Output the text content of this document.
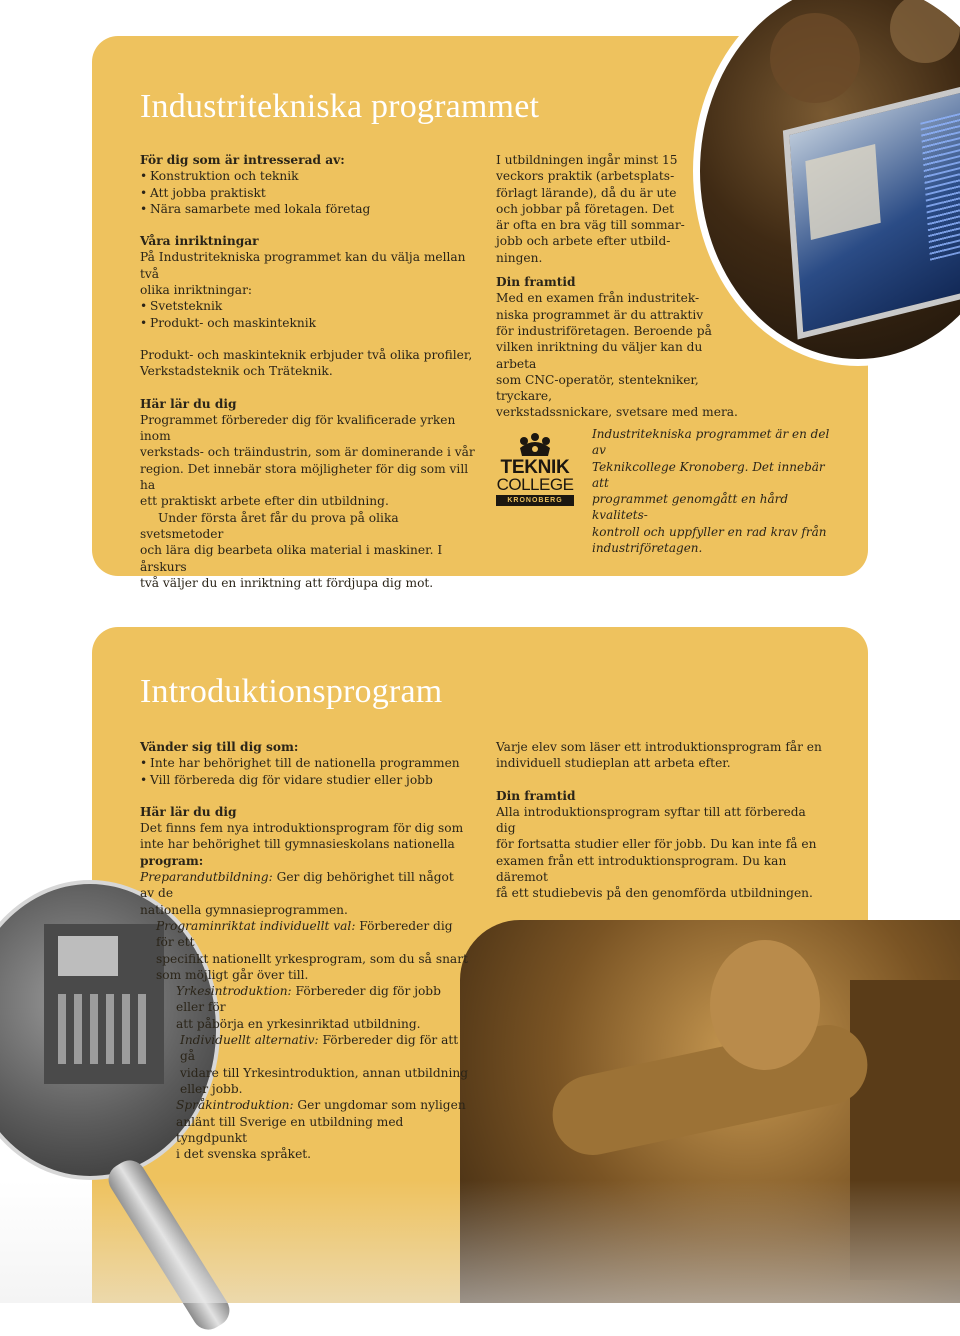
Industritekniska programmet

För dig som är intresserad av:

• Konstruktion och teknik
• Att jobba praktiskt
• Nära samarbete med lokala företag

Våra inriktningar

På Industritekniska programmet kan du välja mellan två

olika inriktningar:

• Svetsteknik
• Produkt- och maskinteknik

Produkt- och maskinteknik erbjuder två olika profiler,

Verkstadsteknik och Träteknik.

Här lär du dig

Programmet förbereder dig för kvalificerade yrken inom

verkstads- och träindustrin, som är dominerande i vår

region. Det innebär stora möjligheter för dig som vill ha

ett praktiskt arbete efter din utbildning.

Under första året får du prova på olika svetsmetoder

och lära dig bearbeta olika material i maskiner. I årskurs

två väljer du en inriktning att fördjupa dig mot.

I utbildningen ingår minst 15

veckors praktik (arbetsplats-

förlagt lärande), då du är ute

och jobbar på företagen. Det

är ofta en bra väg till sommar-

jobb och arbete efter utbild-

ningen.

Din framtid

Med en examen från industritek-

niska programmet är du attraktiv

för industriföretagen. Beroende på

vilken inriktning du väljer kan du arbeta

som CNC-operatör, stentekniker, tryckare,

verkstadssnickare, svetsare med mera.

TEKNIK
COLLEGE
KRONOBERG

Industritekniska programmet är en del av

Teknikcollege Kronoberg. Det innebär att

programmet genomgått en hård kvalitets-

kontroll och uppfyller en rad krav från

industriföretagen.

Introduktionsprogram

Varje elev som läser ett introduktionsprogram får en

individuell studieplan att arbeta efter.

Din framtid

Alla introduktionsprogram syftar till att förbereda dig

för fortsatta studier eller för jobb. Du kan inte få en

examen från ett introduktionsprogram. Du kan däremot

få ett studiebevis på den genomförda utbildningen.

Vänder sig till dig som:

• Inte har behörighet till de nationella programmen
• Vill förbereda dig för vidare studier eller jobb

Här lär du dig

Det finns fem nya introduktionsprogram för dig som

inte har behörighet till gymnasieskolans nationella

program:

Preparandutbildning: Ger dig behörighet till något av de

nationella gymnasieprogrammen.

Programinriktat individuellt val: Förbereder dig för ett

specifikt nationellt yrkesprogram, som du så snart

som möjligt går över till.

Yrkesintroduktion: Förbereder dig för jobb eller för

att påbörja en yrkesinriktad utbildning.

Individuellt alternativ: Förbereder dig för att gå

vidare till Yrkesintroduktion, annan utbildning

eller jobb.

Språkintroduktion: Ger ungdomar som nyligen

anlänt till Sverige en utbildning med tyngdpunkt

i det svenska språket.
